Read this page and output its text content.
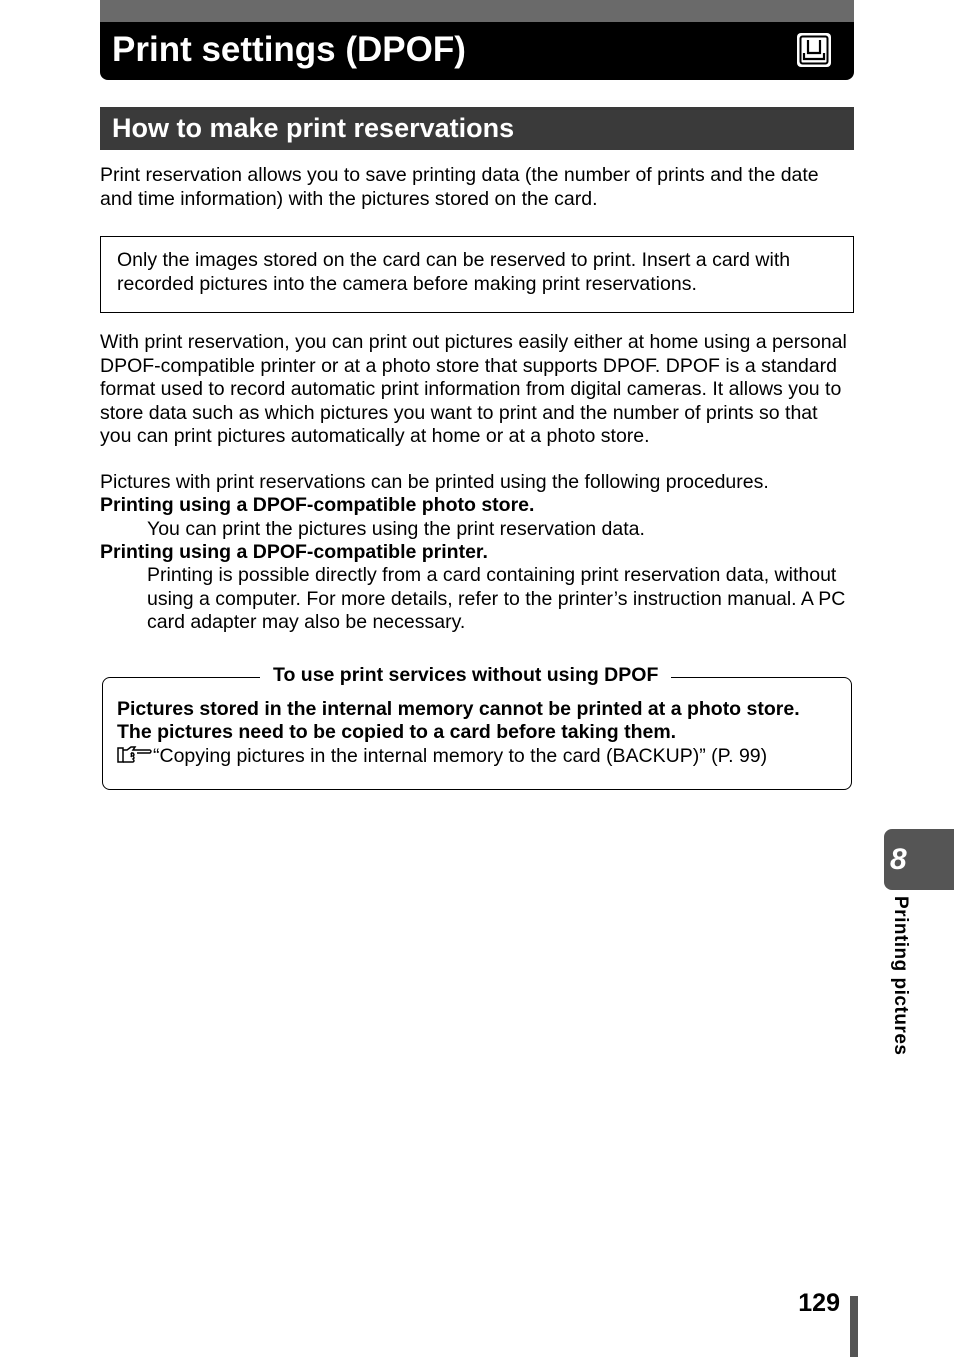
Print settings (DPOF)
How to make print reservations

Print reservation allows you to save printing data (the number of prints and the date and time information) with the pictures stored on the card.

Only the images stored on the card can be reserved to print. Insert a card with recorded pictures into the camera before making print reservations.

With print reservation, you can print out pictures easily either at home using a personal DPOF-compatible printer or at a photo store that supports DPOF. DPOF is a standard format used to record automatic print information from digital cameras. It allows you to store data such as which pictures you want to print and the number of prints so that you can print pictures automatically at home or at a photo store.

Pictures with print reservations can be printed using the following procedures.

Printing using a DPOF-compatible photo store.

You can print the pictures using the print reservation data.

Printing using a DPOF-compatible printer.

Printing is possible directly from a card containing print reservation data, without using a computer. For more details, refer to the printer’s instruction manual. A PC card adapter may also be necessary.

To use print services without using DPOF

Pictures stored in the internal memory cannot be printed at a photo store.

The pictures need to be copied to a card before taking them.

“Copying pictures in the internal memory to the card (BACKUP)” (P. 99)

8
Printing pictures
129
